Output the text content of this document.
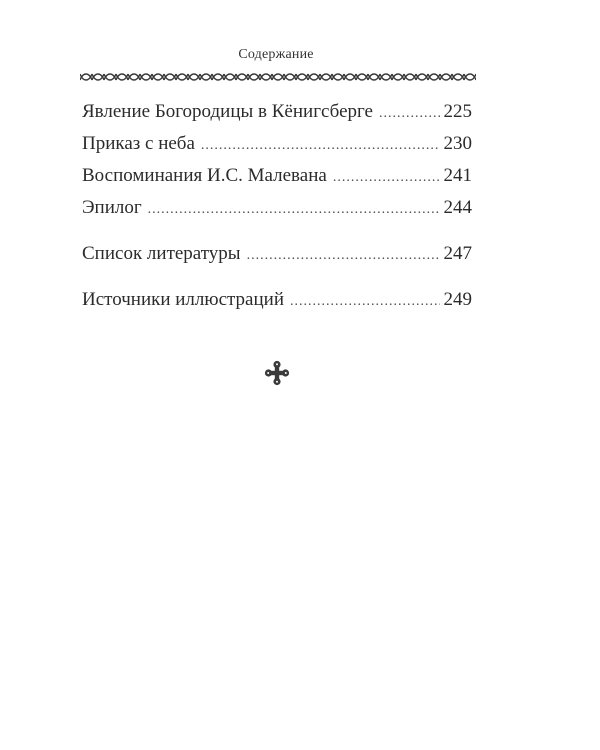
Содержание
Явление Богородицы в Кёнигсберге .....	225
Приказ с неба .....	230
Воспоминания И.С. Малевана .....	241
Эпилог .....	244
Список литературы .....	247
Источники иллюстраций .....	249
